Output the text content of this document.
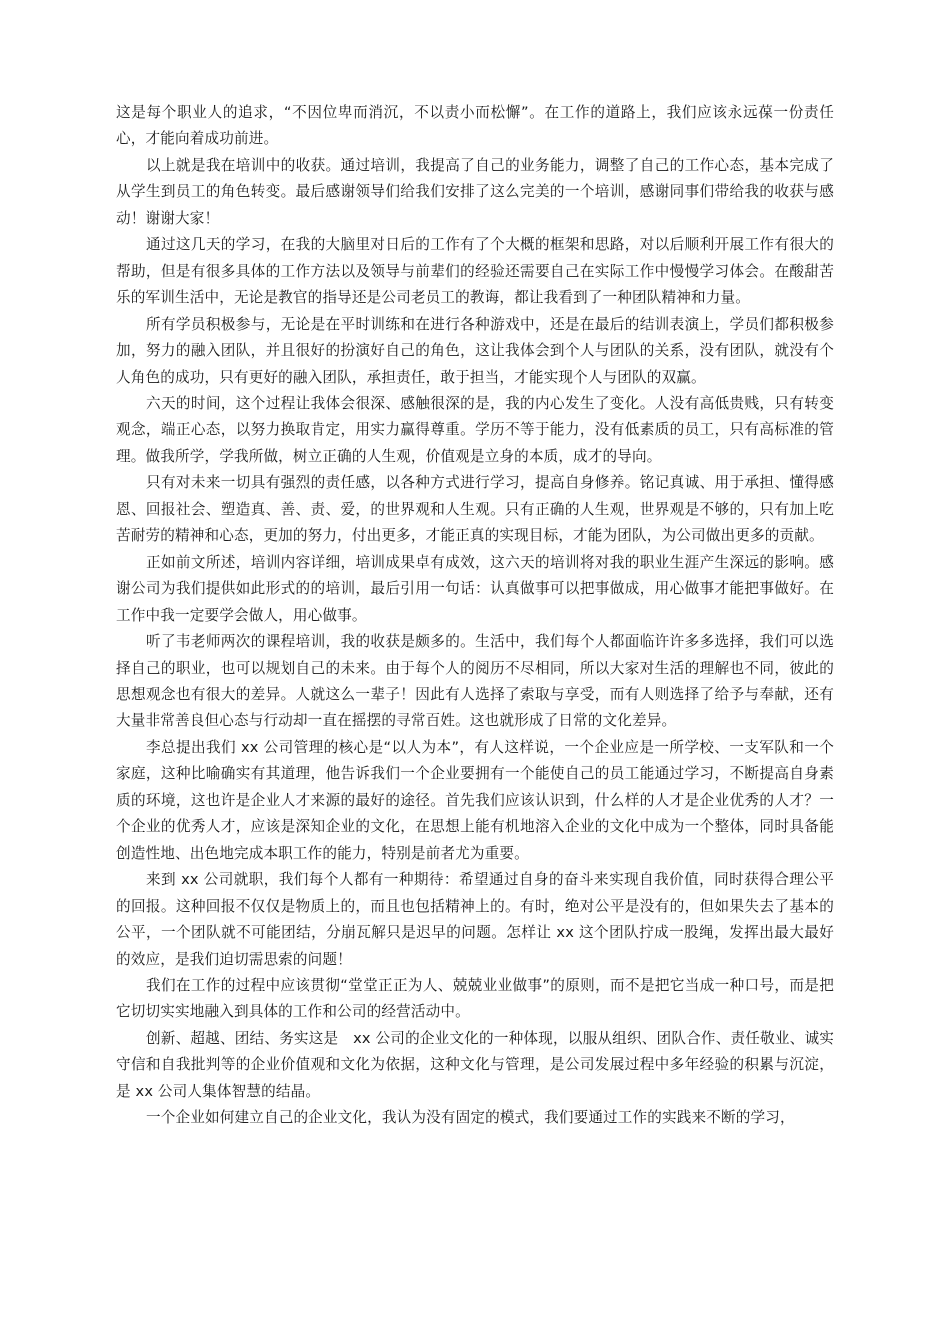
这是每个职业人的追求，“不因位卑而消沉，不以责小而松懈”。在工作的道路上，我们应该永远葆一份责任心，才能向着成功前进。

以上就是我在培训中的收获。通过培训，我提高了自己的业务能力，调整了自己的工作心态，基本完成了从学生到员工的角色转变。最后感谢领导们给我们安排了这么完美的一个培训，感谢同事们带给我的收获与感动！谢谢大家！

通过这几天的学习，在我的大脑里对日后的工作有了个大概的框架和思路，对以后顺利开展工作有很大的帮助，但是有很多具体的工作方法以及领导与前辈们的经验还需要自己在实际工作中慢慢学习体会。在酸甜苦乐的军训生活中，无论是教官的指导还是公司老员工的教诲，都让我看到了一种团队精神和力量。

所有学员积极参与，无论是在平时训练和在进行各种游戏中，还是在最后的结训表演上，学员们都积极参加，努力的融入团队，并且很好的扮演好自己的角色，这让我体会到个人与团队的关系，没有团队，就没有个人角色的成功，只有更好的融入团队，承担责任，敢于担当，才能实现个人与团队的双赢。

六天的时间，这个过程让我体会很深、感触很深的是，我的内心发生了变化。人没有高低贵贱，只有转变观念，端正心态，以努力换取肯定，用实力赢得尊重。学历不等于能力，没有低素质的员工，只有高标准的管理。做我所学，学我所做，树立正确的人生观，价值观是立身的本质，成才的导向。

只有对未来一切具有强烈的责任感，以各种方式进行学习，提高自身修养。铭记真诚、用于承担、懂得感恩、回报社会、塑造真、善、责、爱，的世界观和人生观。只有正确的人生观，世界观是不够的，只有加上吃苦耐劳的精神和心态，更加的努力，付出更多，才能正真的实现目标，才能为团队，为公司做出更多的贡献。

正如前文所述，培训内容详细，培训成果卓有成效，这六天的培训将对我的职业生涯产生深远的影响。感谢公司为我们提供如此形式的的培训，最后引用一句话：认真做事可以把事做成，用心做事才能把事做好。在工作中我一定要学会做人，用心做事。

听了韦老师两次的课程培训，我的收获是颇多的。生活中，我们每个人都面临许许多多选择，我们可以选择自己的职业，也可以规划自己的未来。由于每个人的阅历不尽相同，所以大家对生活的理解也不同，彼此的思想观念也有很大的差异。人就这么一辈子！因此有人选择了索取与享受，而有人则选择了给予与奉献，还有大量非常善良但心态与行动却一直在摇摆的寻常百姓。这也就形成了日常的文化差异。

李总提出我们 xx 公司管理的核心是“以人为本”，有人这样说，一个企业应是一所学校、一支军队和一个家庭，这种比喻确实有其道理，他告诉我们一个企业要拥有一个能使自己的员工能通过学习，不断提高自身素质的环境，这也许是企业人才来源的最好的途径。首先我们应该认识到，什么样的人才是企业优秀的人才？一个企业的优秀人才，应该是深知企业的文化，在思想上能有机地溶入企业的文化中成为一个整体，同时具备能创造性地、出色地完成本职工作的能力，特别是前者尤为重要。

来到 xx 公司就职，我们每个人都有一种期待：希望通过自身的奋斗来实现自我价值，同时获得合理公平的回报。这种回报不仅仅是物质上的，而且也包括精神上的。有时，绝对公平是没有的，但如果失去了基本的公平，一个团队就不可能团结，分崩瓦解只是迟早的问题。怎样让 xx 这个团队拧成一股绳，发挥出最大最好的效应，是我们迫切需思索的问题！

我们在工作的过程中应该贯彻“堂堂正正为人、兢兢业业做事”的原则，而不是把它当成一种口号，而是把它切切实实地融入到具体的工作和公司的经营活动中。

创新、超越、团结、务实这是　xx 公司的企业文化的一种体现，以服从组织、团队合作、责任敬业、诚实守信和自我批判等的企业价值观和文化为依据，这种文化与管理，是公司发展过程中多年经验的积累与沉淀，是 xx 公司人集体智慧的结晶。

一个企业如何建立自己的企业文化，我认为没有固定的模式，我们要通过工作的实践来不断的学习，
